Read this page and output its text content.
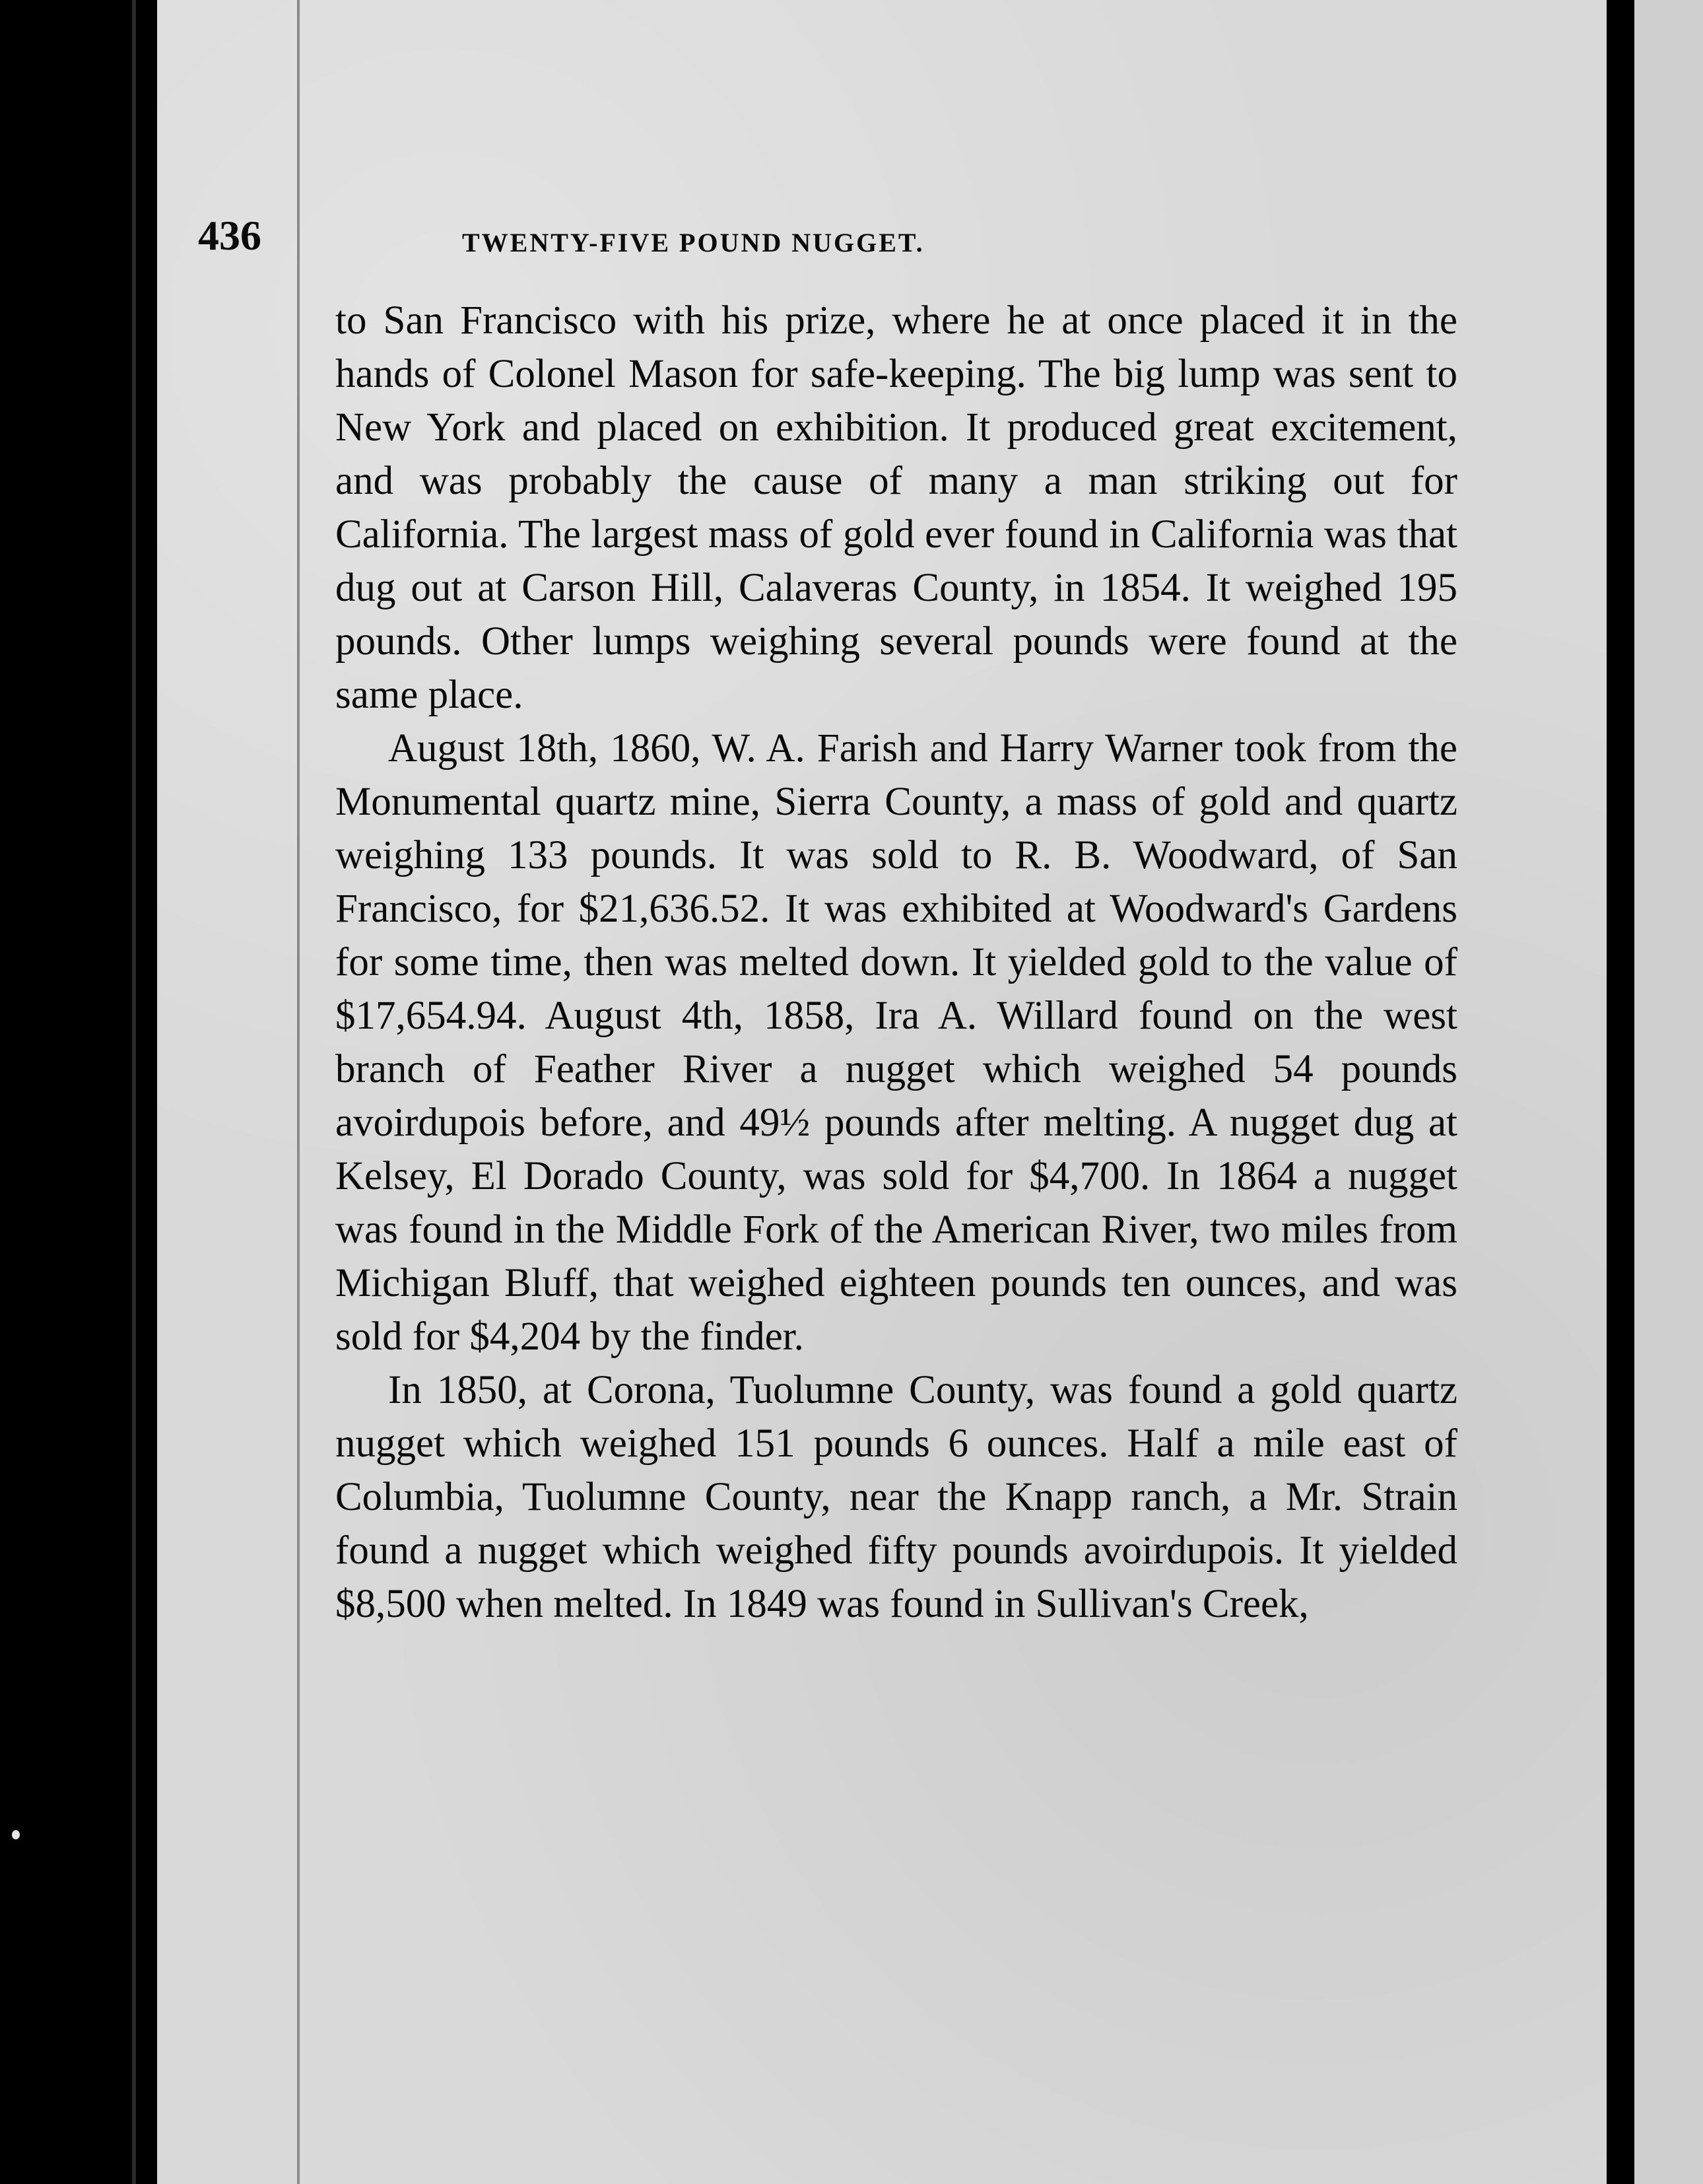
436	TWENTY-FIVE POUND NUGGET.

to San Francisco with his prize, where he at once placed it in the hands of Colonel Mason for safe-keeping. The big lump was sent to New York and placed on exhibition. It produced great excitement, and was probably the cause of many a man striking out for California. The largest mass of gold ever found in California was that dug out at Carson Hill, Calaveras County, in 1854. It weighed 195 pounds. Other lumps weighing several pounds were found at the same place.

August 18th, 1860, W. A. Farish and Harry Warner took from the Monumental quartz mine, Sierra County, a mass of gold and quartz weighing 133 pounds. It was sold to R. B. Woodward, of San Francisco, for $21,636.52. It was exhibited at Woodward's Gardens for some time, then was melted down. It yielded gold to the value of $17,654.94. August 4th, 1858, Ira A. Willard found on the west branch of Feather River a nugget which weighed 54 pounds avoirdupois before, and 49½ pounds after melting. A nugget dug at Kelsey, El Dorado County, was sold for $4,700. In 1864 a nugget was found in the Middle Fork of the American River, two miles from Michigan Bluff, that weighed eighteen pounds ten ounces, and was sold for $4,204 by the finder.

In 1850, at Corona, Tuolumne County, was found a gold quartz nugget which weighed 151 pounds 6 ounces. Half a mile east of Columbia, Tuolumne County, near the Knapp ranch, a Mr. Strain found a nugget which weighed fifty pounds avoirdupois. It yielded $8,500 when melted. In 1849 was found in Sullivan's Creek,
